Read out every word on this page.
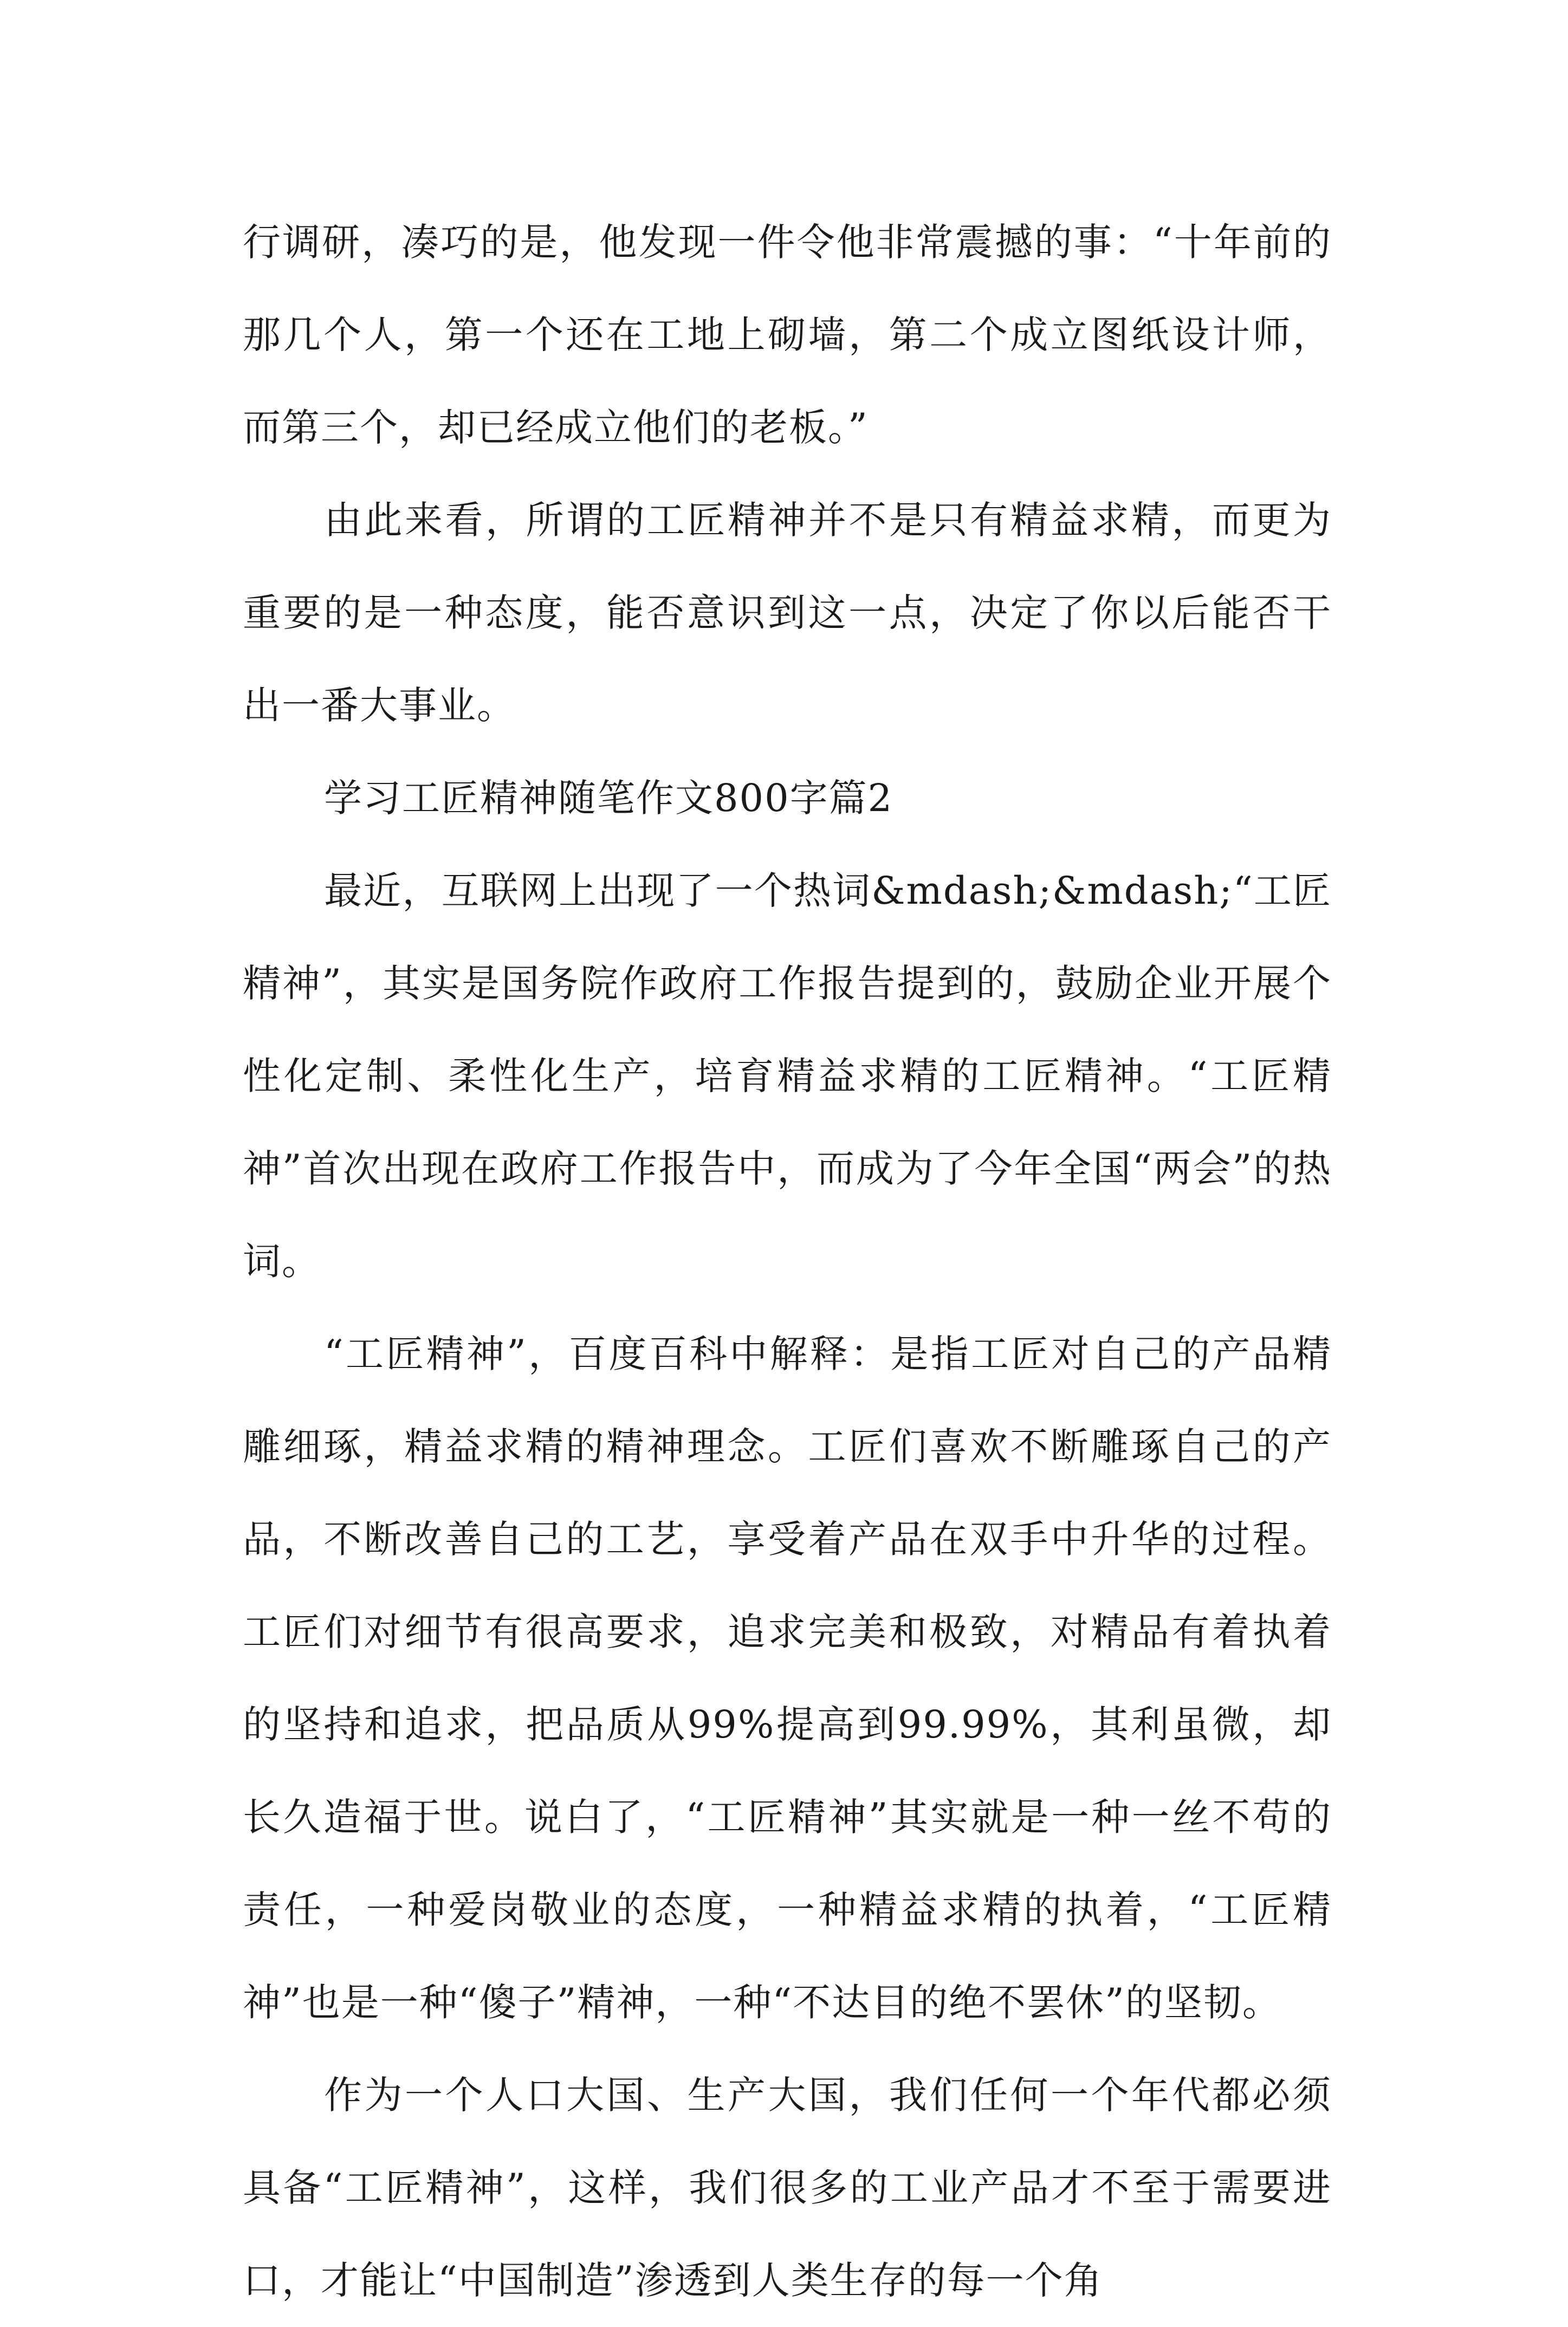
行调研，凑巧的是，他发现一件令他非常震撼的事：“十年前的那几个人，第一个还在工地上砌墙，第二个成立图纸设计师，而第三个，却已经成立他们的老板。”

由此来看，所谓的工匠精神并不是只有精益求精，而更为重要的是一种态度，能否意识到这一点，决定了你以后能否干出一番大事业。

学习工匠精神随笔作文800字篇2

最近，互联网上出现了一个热词&mdash;&mdash;“工匠精神”，其实是国务院作政府工作报告提到的，鼓励企业开展个性化定制、柔性化生产，培育精益求精的工匠精神。“工匠精神”首次出现在政府工作报告中，而成为了今年全国“两会”的热词。

“工匠精神”，百度百科中解释：是指工匠对自己的产品精雕细琢，精益求精的精神理念。工匠们喜欢不断雕琢自己的产品，不断改善自己的工艺，享受着产品在双手中升华的过程。工匠们对细节有很高要求，追求完美和极致，对精品有着执着的坚持和追求，把品质从99%提高到99.99%，其利虽微，却长久造福于世。说白了，“工匠精神”其实就是一种一丝不苟的责任，一种爱岗敬业的态度，一种精益求精的执着，“工匠精神”也是一种“傻子”精神，一种“不达目的绝不罢休”的坚韧。

作为一个人口大国、生产大国，我们任何一个年代都必须具备“工匠精神”，这样，我们很多的工业产品才不至于需要进口，才能让“中国制造”渗透到人类生存的每一个角
